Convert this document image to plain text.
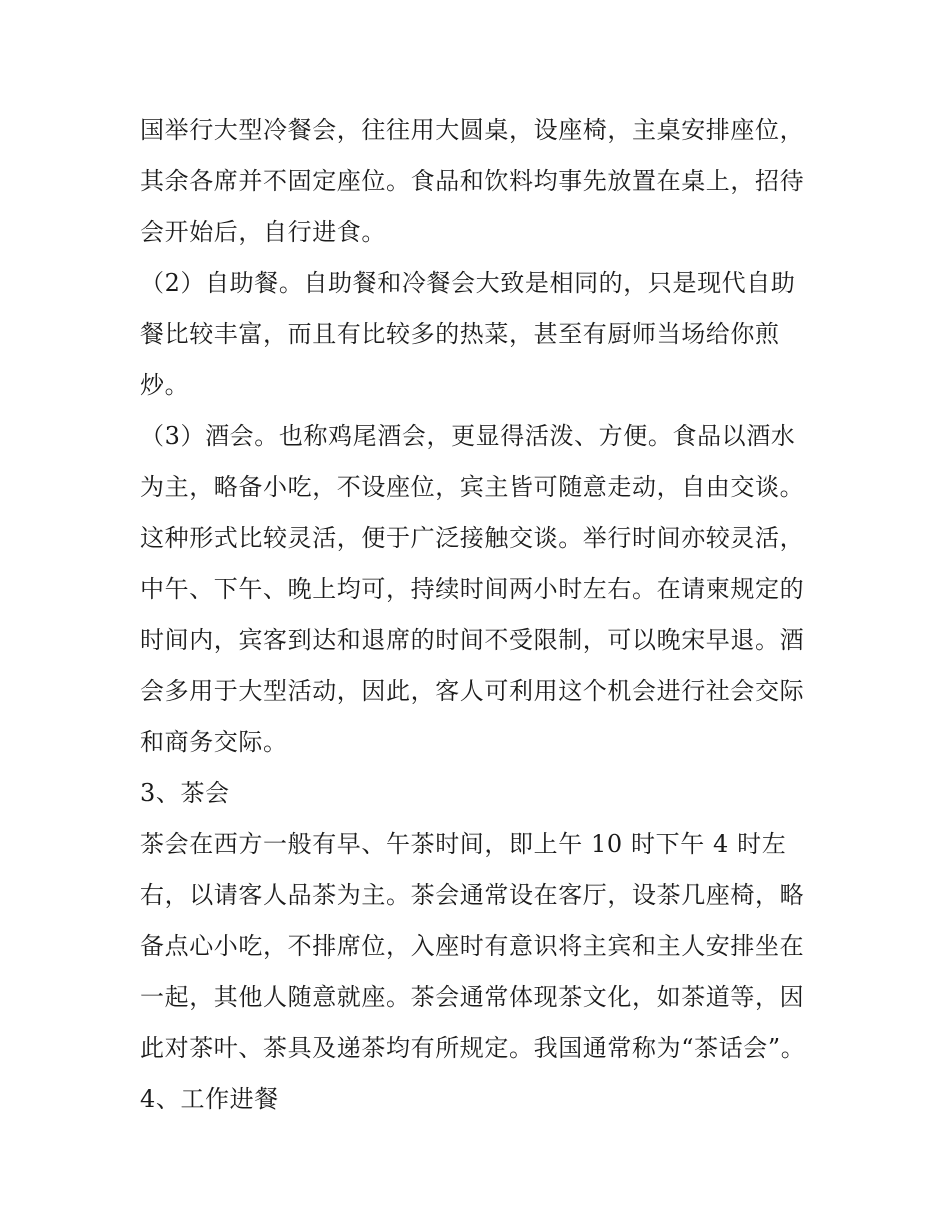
国举行大型冷餐会，往往用大圆桌，设座椅，主桌安排座位，
其余各席并不固定座位。食品和饮料均事先放置在桌上，招待
会开始后，自行进食。
（2）自助餐。自助餐和冷餐会大致是相同的，只是现代自助
餐比较丰富，而且有比较多的热菜，甚至有厨师当场给你煎
炒。
（3）酒会。也称鸡尾酒会，更显得活泼、方便。食品以酒水
为主，略备小吃，不设座位，宾主皆可随意走动，自由交谈。
这种形式比较灵活，便于广泛接触交谈。举行时间亦较灵活，
中午、下午、晚上均可，持续时间两小时左右。在请柬规定的
时间内，宾客到达和退席的时间不受限制，可以晚宋早退。酒
会多用于大型活动，因此，客人可利用这个机会进行社会交际
和商务交际。
3、茶会
茶会在西方一般有早、午茶时间，即上午 10 时下午 4 时左
右，以请客人品茶为主。茶会通常设在客厅，设茶几座椅，略
备点心小吃，不排席位，入座时有意识将主宾和主人安排坐在
一起，其他人随意就座。茶会通常体现茶文化，如茶道等，因
此对茶叶、茶具及递茶均有所规定。我国通常称为“茶话会”。
4、工作进餐
